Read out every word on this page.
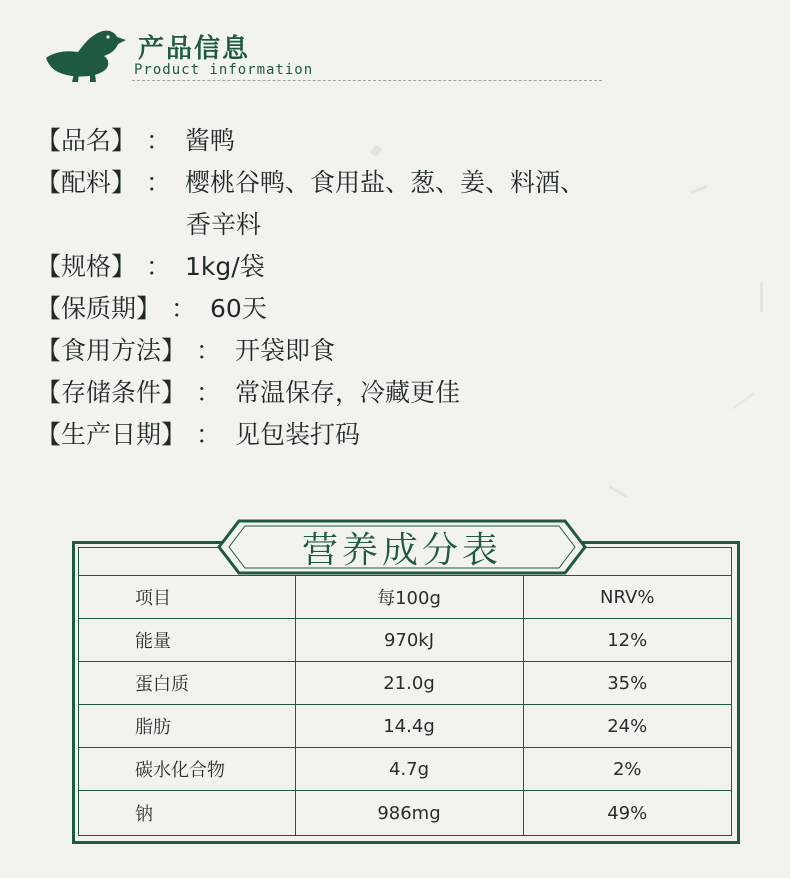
产品信息
Product information
【品名】 ： 酱鸭
【配料】 ： 樱桃谷鸭、食用盐、葱、姜、料酒、
香辛料
【规格】 ： 1kg/袋
【保质期】 ： 60天
【食用方法】 ： 开袋即食
【存储条件】 ： 常温保存，冷藏更佳
【生产日期】 ： 见包装打码
营养成分表
项目	每100g	NRV%
能量	970kJ	12%
蛋白质	21.0g	35%
脂肪	14.4g	24%
碳水化合物	4.7g	2%
钠	986mg	49%
